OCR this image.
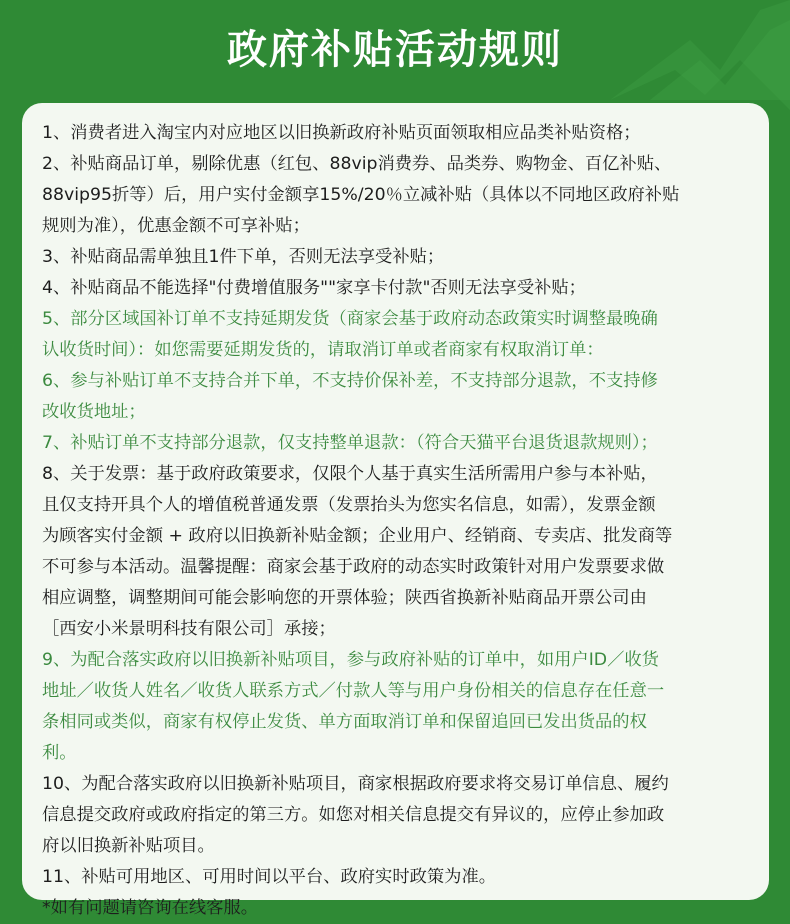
政府补贴活动规则

1、消费者进入淘宝内对应地区以旧换新政府补贴页面领取相应品类补贴资格；

2、补贴商品订单，剔除优惠（红包、88vip消费券、品类券、购物金、百亿补贴、
88vip95折等）后，用户实付金额享15%/20％立减补贴（具体以不同地区政府补贴
规则为准），优惠金额不可享补贴；

3、补贴商品需单独且1件下单，否则无法享受补贴；

4、补贴商品不能选择"付费增值服务""家享卡付款"否则无法享受补贴；

5、部分区域国补订单不支持延期发货（商家会基于政府动态政策实时调整最晚确
认收货时间）：如您需要延期发货的，请取消订单或者商家有权取消订单：

6、参与补贴订单不支持合并下单，不支持价保补差，不支持部分退款，不支持修
改收货地址；

7、补贴订单不支持部分退款，仅支持整单退款：（符合天猫平台退货退款规则）；

8、关于发票：基于政府政策要求，仅限个人基于真实生活所需用户参与本补贴，
且仅支持开具个人的增值税普通发票（发票抬头为您实名信息，如需），发票金额
为顾客实付金额 + 政府以旧换新补贴金额；企业用户、经销商、专卖店、批发商等
不可参与本活动。温馨提醒：商家会基于政府的动态实时政策针对用户发票要求做
相应调整，调整期间可能会影响您的开票体验；陕西省换新补贴商品开票公司由
［西安小米景明科技有限公司］承接；

9、为配合落实政府以旧换新补贴项目，参与政府补贴的订单中，如用户ID／收货
地址／收货人姓名／收货人联系方式／付款人等与用户身份相关的信息存在任意一
条相同或类似，商家有权停止发货、单方面取消订单和保留追回已发出货品的权
利。

10、为配合落实政府以旧换新补贴项目，商家根据政府要求将交易订单信息、履约
信息提交政府或政府指定的第三方。如您对相关信息提交有异议的，应停止参加政
府以旧换新补贴项目。

11、补贴可用地区、可用时间以平台、政府实时政策为准。

*如有问题请咨询在线客服。
